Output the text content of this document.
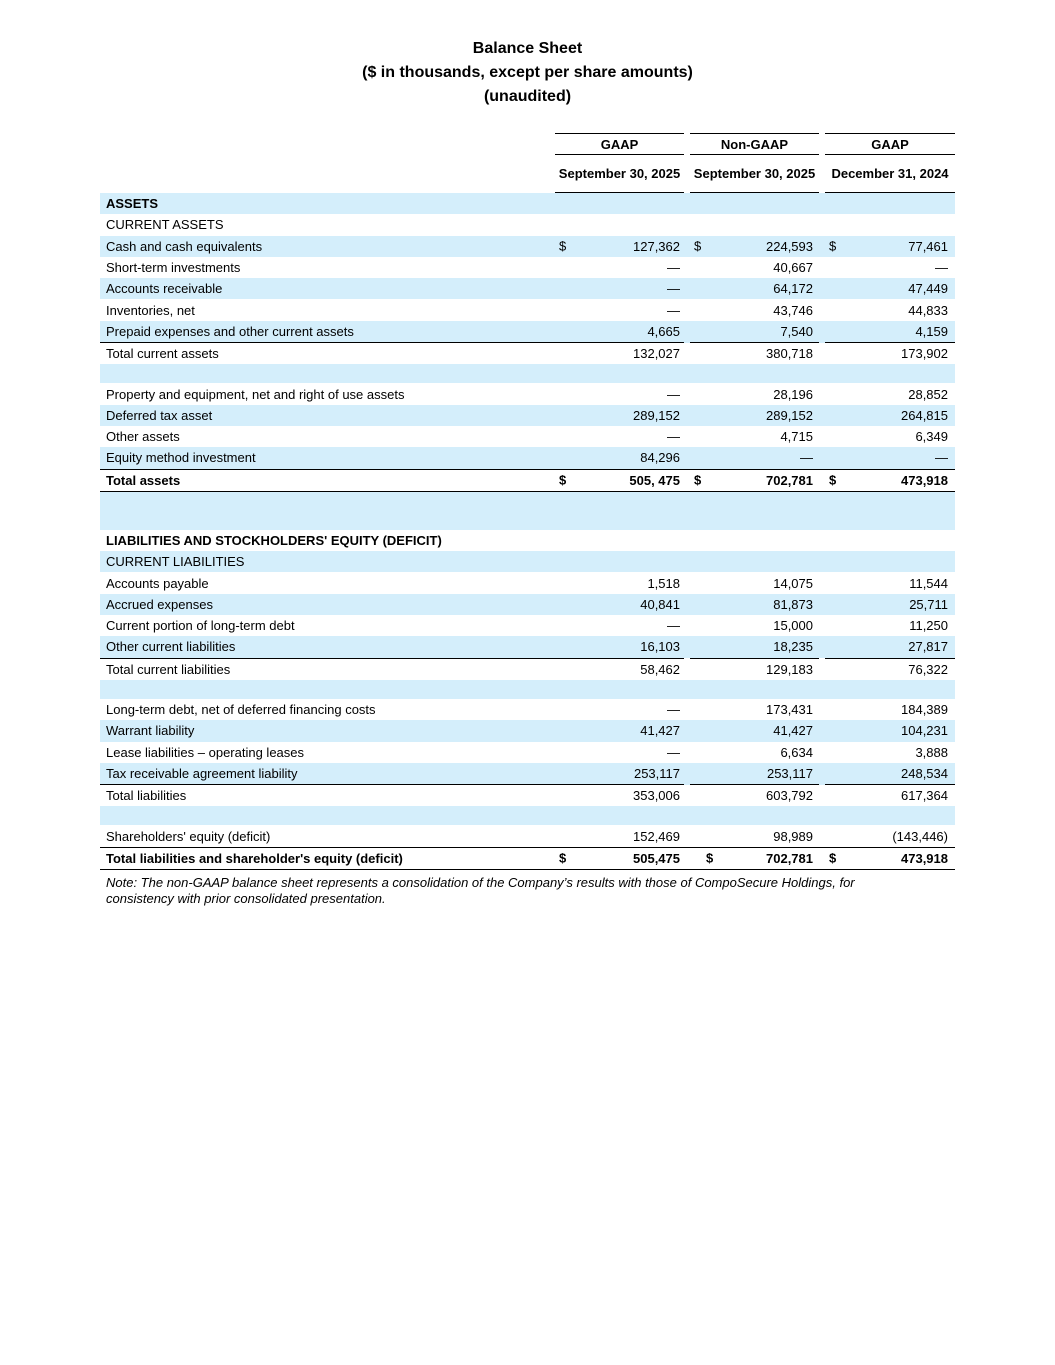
Balance Sheet
($ in thousands, except per share amounts)
(unaudited)
	GAAP		Non-GAAP		GAAP
	September 30, 2025		September 30, 2025		December 31, 2024
ASSETS					
CURRENT ASSETS					
Cash and cash equivalents	$ 127,362		$ 224,593		$ 77,461
Short-term investments	—		40,667		—
Accounts receivable	—		64,172		47,449
Inventories, net	—		43,746		44,833
Prepaid expenses and other current assets	4,665		7,540		4,159
Total current assets	132,027		380,718		173,902

Property and equipment, net and right of use assets	—		28,196		28,852
Deferred tax asset	289,152		289,152		264,815
Other assets	—		4,715		6,349
Equity method investment	84,296		—		—
Total assets	$ 505, 475		$ 702,781		$ 473,918

LIABILITIES AND STOCKHOLDERS' EQUITY (DEFICIT)					
CURRENT LIABILITIES					
Accounts payable	1,518		14,075		11,544
Accrued expenses	40,841		81,873		25,711
Current portion of long-term debt	—		15,000		11,250
Other current liabilities	16,103		18,235		27,817
Total current liabilities	58,462		129,183		76,322

Long-term debt, net of deferred financing costs	—		173,431		184,389
Warrant liability	41,427		41,427		104,231
Lease liabilities – operating leases	—		6,634		3,888
Tax receivable agreement liability	253,117		253,117		248,534
Total liabilities	353,006		603,792		617,364

Shareholders' equity (deficit)	152,469		98,989		(143,446)
Total liabilities and shareholder's equity (deficit)	$ 505,475		$ 702,781		$ 473,918
Note: The non-GAAP balance sheet represents a consolidation of the Company’s results with those of CompoSecure Holdings, for consistency with prior consolidated presentation.
